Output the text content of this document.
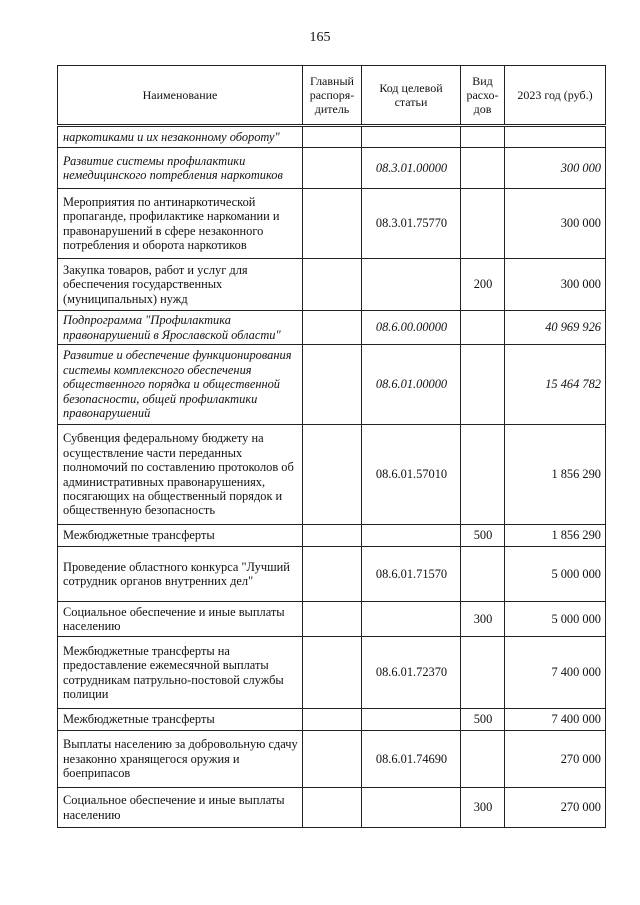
165
Наименование	Главный распоря-дитель	Код целевой статьи	Вид расхо-дов	2023 год (руб.)
наркотиками и их незаконному обороту"				
Развитие системы профилактики немедицинского потребления наркотиков		08.3.01.00000		300 000
Мероприятия по антинаркотической пропаганде, профилактике наркомании и правонарушений в сфере незаконного потребления и оборота наркотиков		08.3.01.75770		300 000
Закупка товаров, работ и услуг для обеспечения государственных (муниципальных) нужд			200	300 000
Подпрограмма "Профилактика правонарушений в Ярославской области"		08.6.00.00000		40 969 926
Развитие и обеспечение функционирования системы комплексного обеспечения общественного порядка и общественной безопасности, общей профилактики правонарушений		08.6.01.00000		15 464 782
Субвенция федеральному бюджету на осуществление части переданных полномочий по составлению протоколов об административных правонарушениях, посягающих на общественный порядок и общественную безопасность		08.6.01.57010		1 856 290
Межбюджетные трансферты			500	1 856 290
Проведение областного конкурса "Лучший сотрудник органов внутренних дел"		08.6.01.71570		5 000 000
Социальное обеспечение и иные выплаты населению			300	5 000 000
Межбюджетные трансферты на предоставление ежемесячной выплаты сотрудникам патрульно-постовой службы полиции		08.6.01.72370		7 400 000
Межбюджетные трансферты			500	7 400 000
Выплаты населению за добровольную сдачу незаконно хранящегося оружия и боеприпасов		08.6.01.74690		270 000
Социальное обеспечение и иные выплаты населению			300	270 000
